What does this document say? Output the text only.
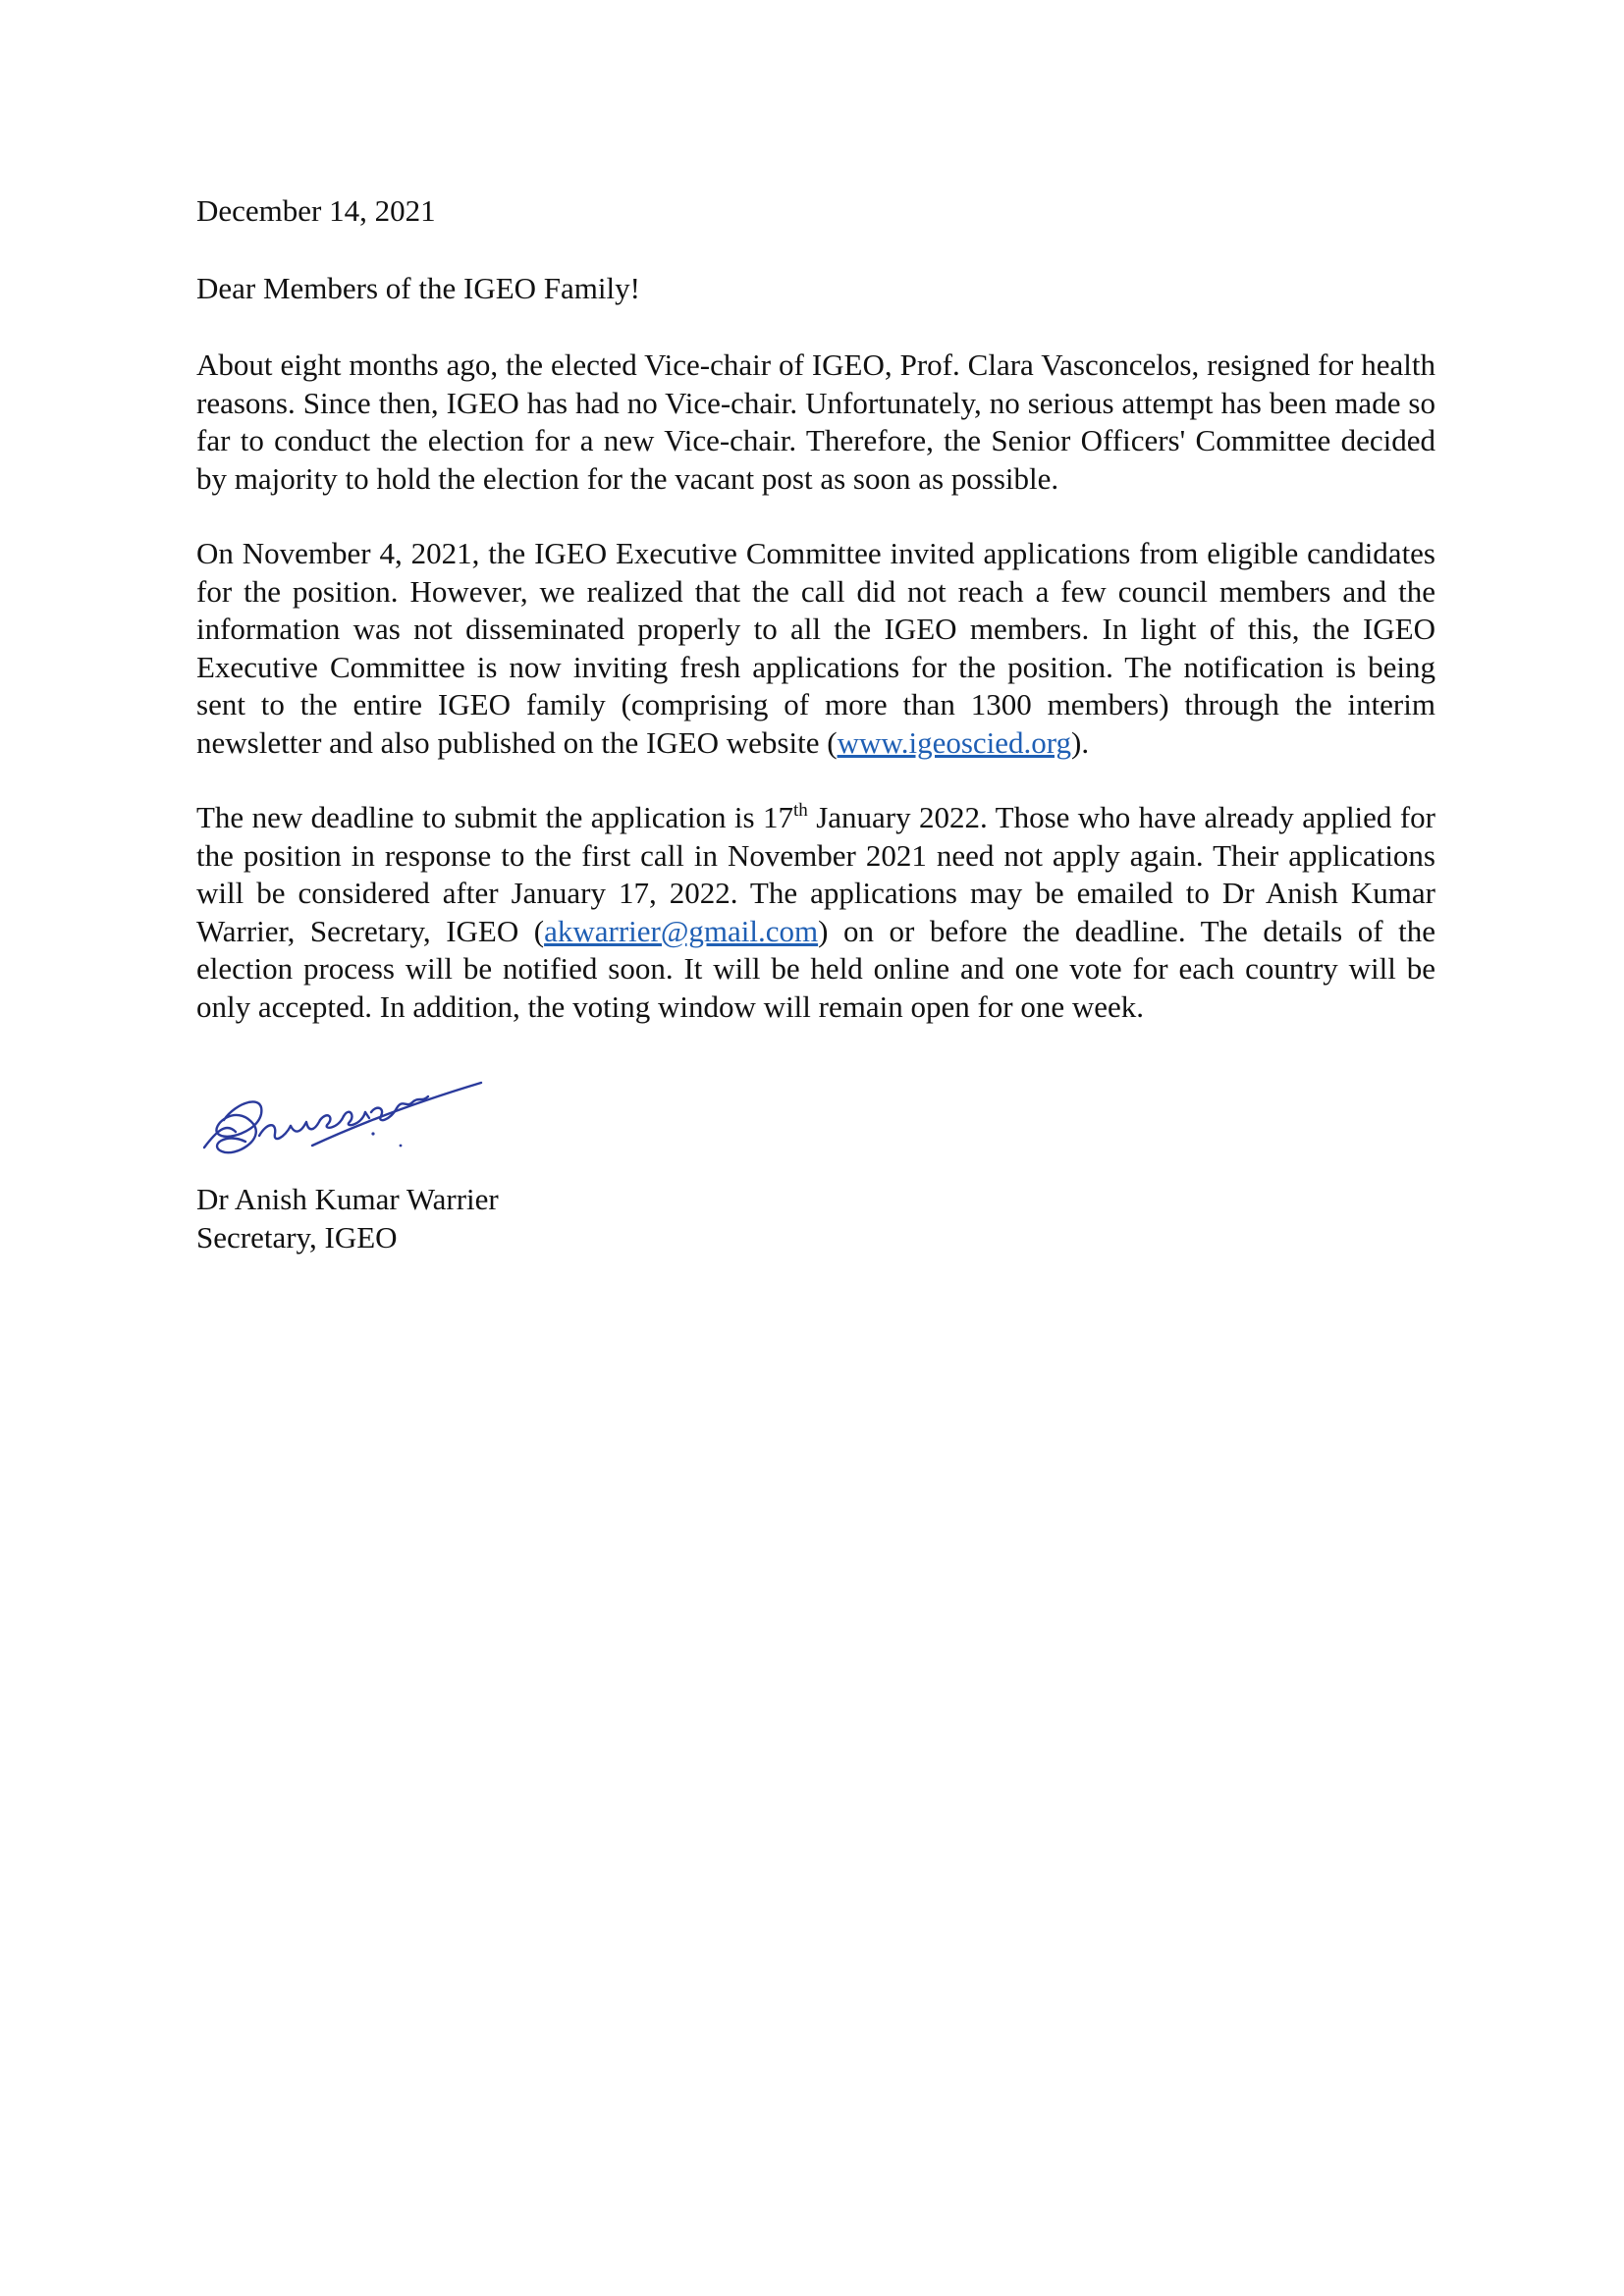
December 14, 2021
Dear Members of the IGEO Family!

About eight months ago, the elected Vice-chair of IGEO, Prof. Clara Vasconcelos, resigned for health reasons. Since then, IGEO has had no Vice-chair. Unfortunately, no serious attempt has been made so far to conduct the election for a new Vice-chair. Therefore, the Senior Officers' Committee decided by majority to hold the election for the vacant post as soon as possible.

On November 4, 2021, the IGEO Executive Committee invited applications from eligible candidates for the position. However, we realized that the call did not reach a few council members and the information was not disseminated properly to all the IGEO members. In light of this, the IGEO Executive Committee is now inviting fresh applications for the position. The notification is being sent to the entire IGEO family (comprising of more than 1300 members) through the interim newsletter and also published on the IGEO website (www.igeoscied.org).

The new deadline to submit the application is 17th January 2022. Those who have already applied for the position in response to the first call in November 2021 need not apply again. Their applications will be considered after January 17, 2022. The applications may be emailed to Dr Anish Kumar Warrier, Secretary, IGEO (akwarrier@gmail.com) on or before the deadline. The details of the election process will be notified soon. It will be held online and one vote for each country will be only accepted. In addition, the voting window will remain open for one week.

Dr Anish Kumar Warrier
Secretary, IGEO
